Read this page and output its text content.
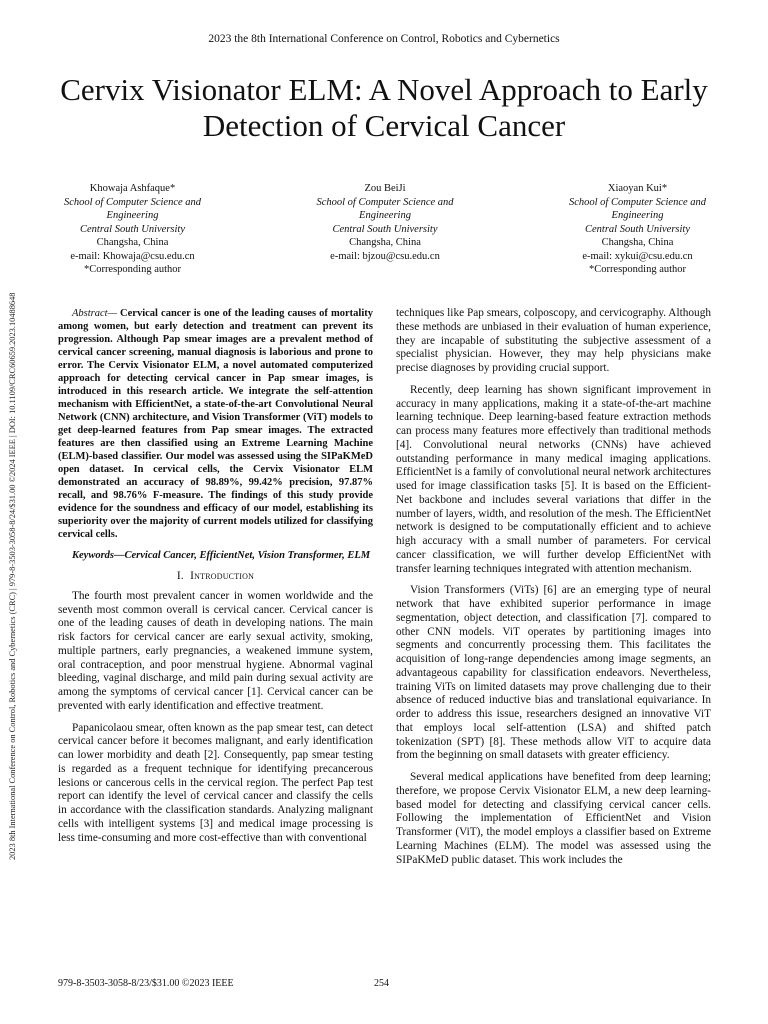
2023 the 8th International Conference on Control, Robotics and Cybernetics
Cervix Visionator ELM: A Novel Approach to Early Detection of Cervical Cancer
2023 8th International Conference on Control, Robotics and Cybernetics (CRC) | 979-8-3503-3058-8/24/$31.00 ©2024 IEEE | DOI: 10.1109/CRC60659.2023.10488648
Khowaja Ashfaque*
School of Computer Science and Engineering
Central South University
Changsha, China
e-mail: Khowaja@csu.edu.cn
*Corresponding author
Zou BeiJi
School of Computer Science and Engineering
Central South University
Changsha, China
e-mail: bjzou@csu.edu.cn
Xiaoyan Kui*
School of Computer Science and Engineering
Central South University
Changsha, China
e-mail: xykui@csu.edu.cn
*Corresponding author

Abstract— Cervical cancer is one of the leading causes of mortality among women, but early detection and treatment can prevent its progression. Although Pap smear images are a prevalent method of cervical cancer screening, manual diagnosis is laborious and prone to error. The Cervix Visionator ELM, a novel automated computerized approach for detecting cervical cancer in Pap smear images, is introduced in this research article. We integrate the self-attention mechanism with EfficientNet, a state-of-the-art Convolutional Neural Network (CNN) architecture, and Vision Transformer (ViT) models to get deep-learned features from Pap smear images. The extracted features are then classified using an Extreme Learning Machine (ELM)-based classifier. Our model was assessed using the SIPaKMeD open dataset. In cervical cells, the Cervix Visionator ELM demonstrated an accuracy of 98.89%, 99.42% precision, 97.87% recall, and 98.76% F-measure. The findings of this study provide evidence for the soundness and efficacy of our model, establishing its superiority over the majority of current models utilized for classifying cervical cells.

Keywords—Cervical Cancer, EfficientNet, Vision Transformer, ELM

I. Introduction

The fourth most prevalent cancer in women worldwide and the seventh most common overall is cervical cancer. Cervical cancer is one of the leading causes of death in developing nations. The main risk factors for cervical cancer are early sexual activity, smoking, multiple partners, early pregnancies, a weakened immune system, oral contraception, and poor menstrual hygiene. Abnormal vaginal bleeding, vaginal discharge, and mild pain during sexual activity are among the symptoms of cervical cancer [1]. Cervical cancer can be prevented with early identification and effective treatment.

Papanicolaou smear, often known as the pap smear test, can detect cervical cancer before it becomes malignant, and early identification can lower morbidity and death [2]. Consequently, pap smear testing is regarded as a frequent technique for identifying precancerous lesions or cancerous cells in the cervical region. The perfect Pap test report can identify the level of cervical cancer and classify the cells in accordance with the classification standards. Analyzing malignant cells with intelligent systems [3] and medical image processing is less time-consuming and more cost-effective than with conventional

techniques like Pap smears, colposcopy, and cervicography. Although these methods are unbiased in their evaluation of human experience, they are incapable of substituting the subjective assessment of a specialist physician. However, they may help physicians make precise diagnoses by providing crucial support.

Recently, deep learning has shown significant improvement in accuracy in many applications, making it a state-of-the-art machine learning technique. Deep learning-based feature extraction methods can process many features more effectively than traditional methods [4]. Convolutional neural networks (CNNs) have achieved outstanding performance in many medical imaging applications. EfficientNet is a family of convolutional neural network architectures used for image classification tasks [5]. It is based on the Efficient-Net backbone and includes several variations that differ in the number of layers, width, and resolution of the mesh. The EfficientNet network is designed to be computationally efficient and to achieve high accuracy with a small number of parameters. For cervical cancer classification, we will further develop EfficientNet with transfer learning techniques integrated with attention mechanism.

Vision Transformers (ViTs) [6] are an emerging type of neural network that have exhibited superior performance in image segmentation, object detection, and classification [7]. compared to other CNN models. ViT operates by partitioning images into segments and concurrently processing them. This facilitates the acquisition of long-range dependencies among image segments, an advantageous capability for classification endeavors. Nevertheless, training ViTs on limited datasets may prove challenging due to their absence of reduced inductive bias and translational equivariance. In order to address this issue, researchers designed an innovative ViT that employs local self-attention (LSA) and shifted patch tokenization (SPT) [8]. These methods allow ViT to acquire data from the beginning on small datasets with greater efficiency.

Several medical applications have benefited from deep learning; therefore, we propose Cervix Visionator ELM, a new deep learning-based model for detecting and classifying cervical cancer cells. Following the implementation of EfficientNet and Vision Transformer (ViT), the model employs a classifier based on Extreme Learning Machines (ELM). The model was assessed using the SIPaKMeD public dataset. This work includes the

979-8-3503-3058-8/23/$31.00 ©2023 IEEE	254
